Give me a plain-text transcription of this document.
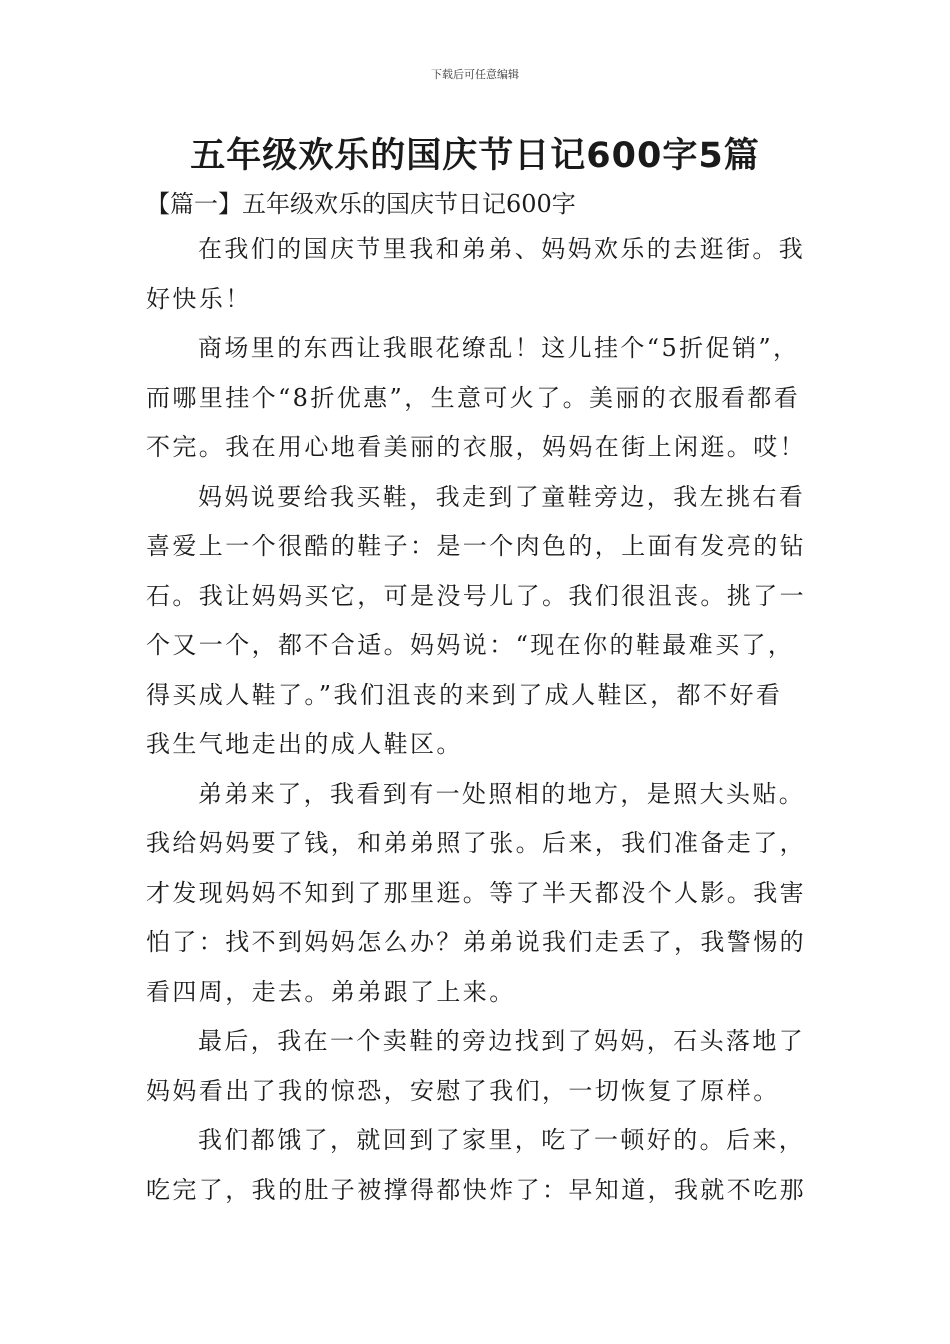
下载后可任意编辑
五年级欢乐的国庆节日记600字5篇
【篇一】五年级欢乐的国庆节日记600字
在我们的国庆节里我和弟弟、妈妈欢乐的去逛街。我
好快乐！
商场里的东西让我眼花缭乱！这儿挂个“5折促销”，
而哪里挂个“8折优惠”，生意可火了。美丽的衣服看都看
不完。我在用心地看美丽的衣服，妈妈在街上闲逛。哎！
妈妈说要给我买鞋，我走到了童鞋旁边，我左挑右看
喜爱上一个很酷的鞋子：是一个肉色的，上面有发亮的钻
石。我让妈妈买它，可是没号儿了。我们很沮丧。挑了一
个又一个，都不合适。妈妈说：“现在你的鞋最难买了，
得买成人鞋了。”我们沮丧的来到了成人鞋区，都不好看
我生气地走出的成人鞋区。
弟弟来了，我看到有一处照相的地方，是照大头贴。
我给妈妈要了钱，和弟弟照了张。后来，我们准备走了，
才发现妈妈不知到了那里逛。等了半天都没个人影。我害
怕了：找不到妈妈怎么办？弟弟说我们走丢了，我警惕的
看四周，走去。弟弟跟了上来。
最后，我在一个卖鞋的旁边找到了妈妈，石头落地了
妈妈看出了我的惊恐，安慰了我们，一切恢复了原样。
我们都饿了，就回到了家里，吃了一顿好的。后来，
吃完了，我的肚子被撑得都快炸了：早知道，我就不吃那
